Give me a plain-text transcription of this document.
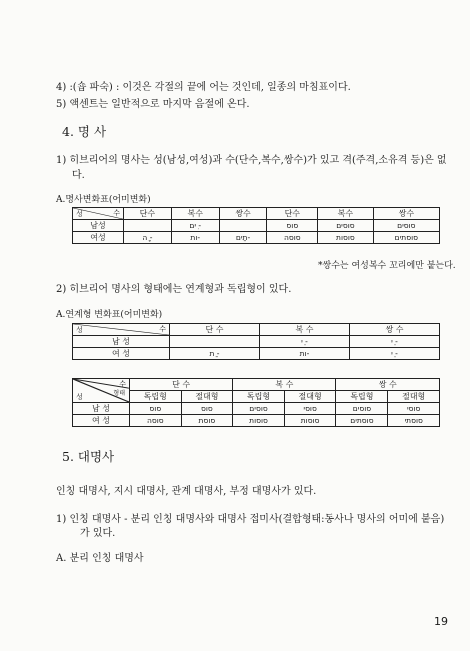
4) :(숍 파숙) : 이것은 각절의 끝에 어는 것인데, 일종의 마침표이다.
5) 액센트는 일반적으로 마지막 음절에 온다.
4. 명 사
1) 히브리어의 명사는 성(남성,여성)과 수(단수,복수,쌍수)가 있고 격(주격,소유격 등)은 없
다.
A.명사변화표(어미변화)
수
성	단수	복수	쌍수	단수	복수	쌍수
남성		ים ִ-		סוס	סוסים	סוסים
여성	ה ָ-	ות-	תַים-	סוסה	סוסות	סוסתים
*쌍수는 여성복수 꼬리에만 붙는다.
2) 히브리어 명사의 형태에는 연계형과 독립형이 있다.
A.연계형 변화표(어미변화)
수
성	단 수	복 수	쌍 수
남 성		י ֵ-	י ֵ-
여 성	ת ַ-	ות-	י ֵ-
수
형태
성	단 수		복 수		쌍 수	
	독립형	절대형	독립형	절대형	독립형	절대형
남 성	סוס	סוס	סוסים	סוסי	סוסים	סוסי
여 성	סוסה	סוסת	סוסות	סוסות	סוסתים	סוסתי
5. 대명사
인칭 대명사, 지시 대명사, 관계 대명사, 부정 대명사가 있다.
1) 인칭 대명사 - 분리 인칭 대명사와 대명사 접미사(결합형태:동사나 명사의 어미에 붙음)
가 있다.
A. 분리 인칭 대명사
19
